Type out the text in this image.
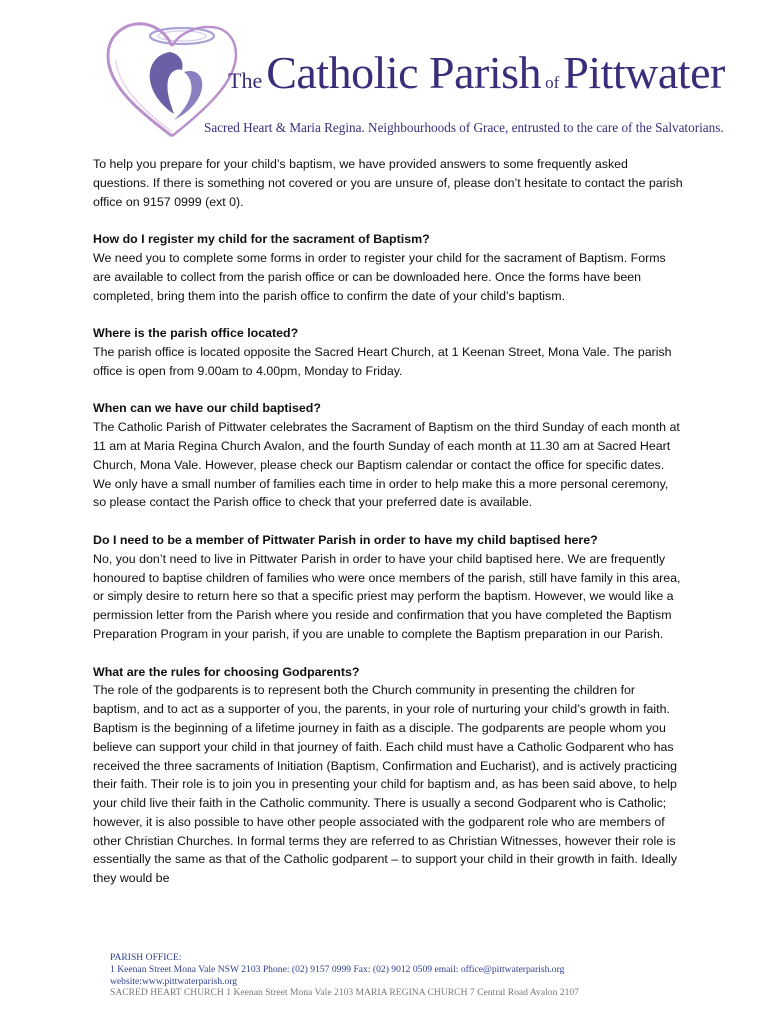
The Catholic Parish of Pittwater
Sacred Heart & Maria Regina. Neighbourhoods of Grace, entrusted to the care of the Salvatorians.

To help you prepare for your child’s baptism, we have provided answers to some frequently asked questions. If there is something not covered or you are unsure of, please don’t hesitate to contact the parish office on 9157 0999 (ext 0).

How do I register my child for the sacrament of Baptism?
We need you to complete some forms in order to register your child for the sacrament of Baptism. Forms are available to collect from the parish office or can be downloaded here. Once the forms have been completed, bring them into the parish office to confirm the date of your child’s baptism.

Where is the parish office located?
The parish office is located opposite the Sacred Heart Church, at 1 Keenan Street, Mona Vale. The parish office is open from 9.00am to 4.00pm, Monday to Friday.

When can we have our child baptised?
The Catholic Parish of Pittwater celebrates the Sacrament of Baptism on the third Sunday of each month at 11 am at Maria Regina Church Avalon, and the fourth Sunday of each month at 11.30 am at Sacred Heart Church, Mona Vale. However, please check our Baptism calendar or contact the office for specific dates. We only have a small number of families each time in order to help make this a more personal ceremony, so please contact the Parish office to check that your preferred date is available.

Do I need to be a member of Pittwater Parish in order to have my child baptised here?
No, you don’t need to live in Pittwater Parish in order to have your child baptised here. We are frequently honoured to baptise children of families who were once members of the parish, still have family in this area, or simply desire to return here so that a specific priest may perform the baptism. However, we would like a permission letter from the Parish where you reside and confirmation that you have completed the Baptism Preparation Program in your parish, if you are unable to complete the Baptism preparation in our Parish.

What are the rules for choosing Godparents?
The role of the godparents is to represent both the Church community in presenting the children for baptism, and to act as a supporter of you, the parents, in your role of nurturing your child’s growth in faith. Baptism is the beginning of a lifetime journey in faith as a disciple. The godparents are people whom you believe can support your child in that journey of faith. Each child must have a Catholic Godparent who has received the three sacraments of Initiation (Baptism, Confirmation and Eucharist), and is actively practicing their faith. Their role is to join you in presenting your child for baptism and, as has been said above, to help your child live their faith in the Catholic community. There is usually a second Godparent who is Catholic; however, it is also possible to have other people associated with the godparent role who are members of other Christian Churches. In formal terms they are referred to as Christian Witnesses, however their role is essentially the same as that of the Catholic godparent – to support your child in their growth in faith. Ideally they would be

PARISH OFFICE:
1 Keenan Street Mona Vale NSW 2103 Phone: (02) 9157 0999 Fax: (02) 9012 0509 email: office@pittwaterparish.org
website:www.pittwaterparish.org
SACRED HEART CHURCH 1 Keenan Street Mona Vale 2103 MARIA REGINA CHURCH 7 Central Road Avalon 2107
